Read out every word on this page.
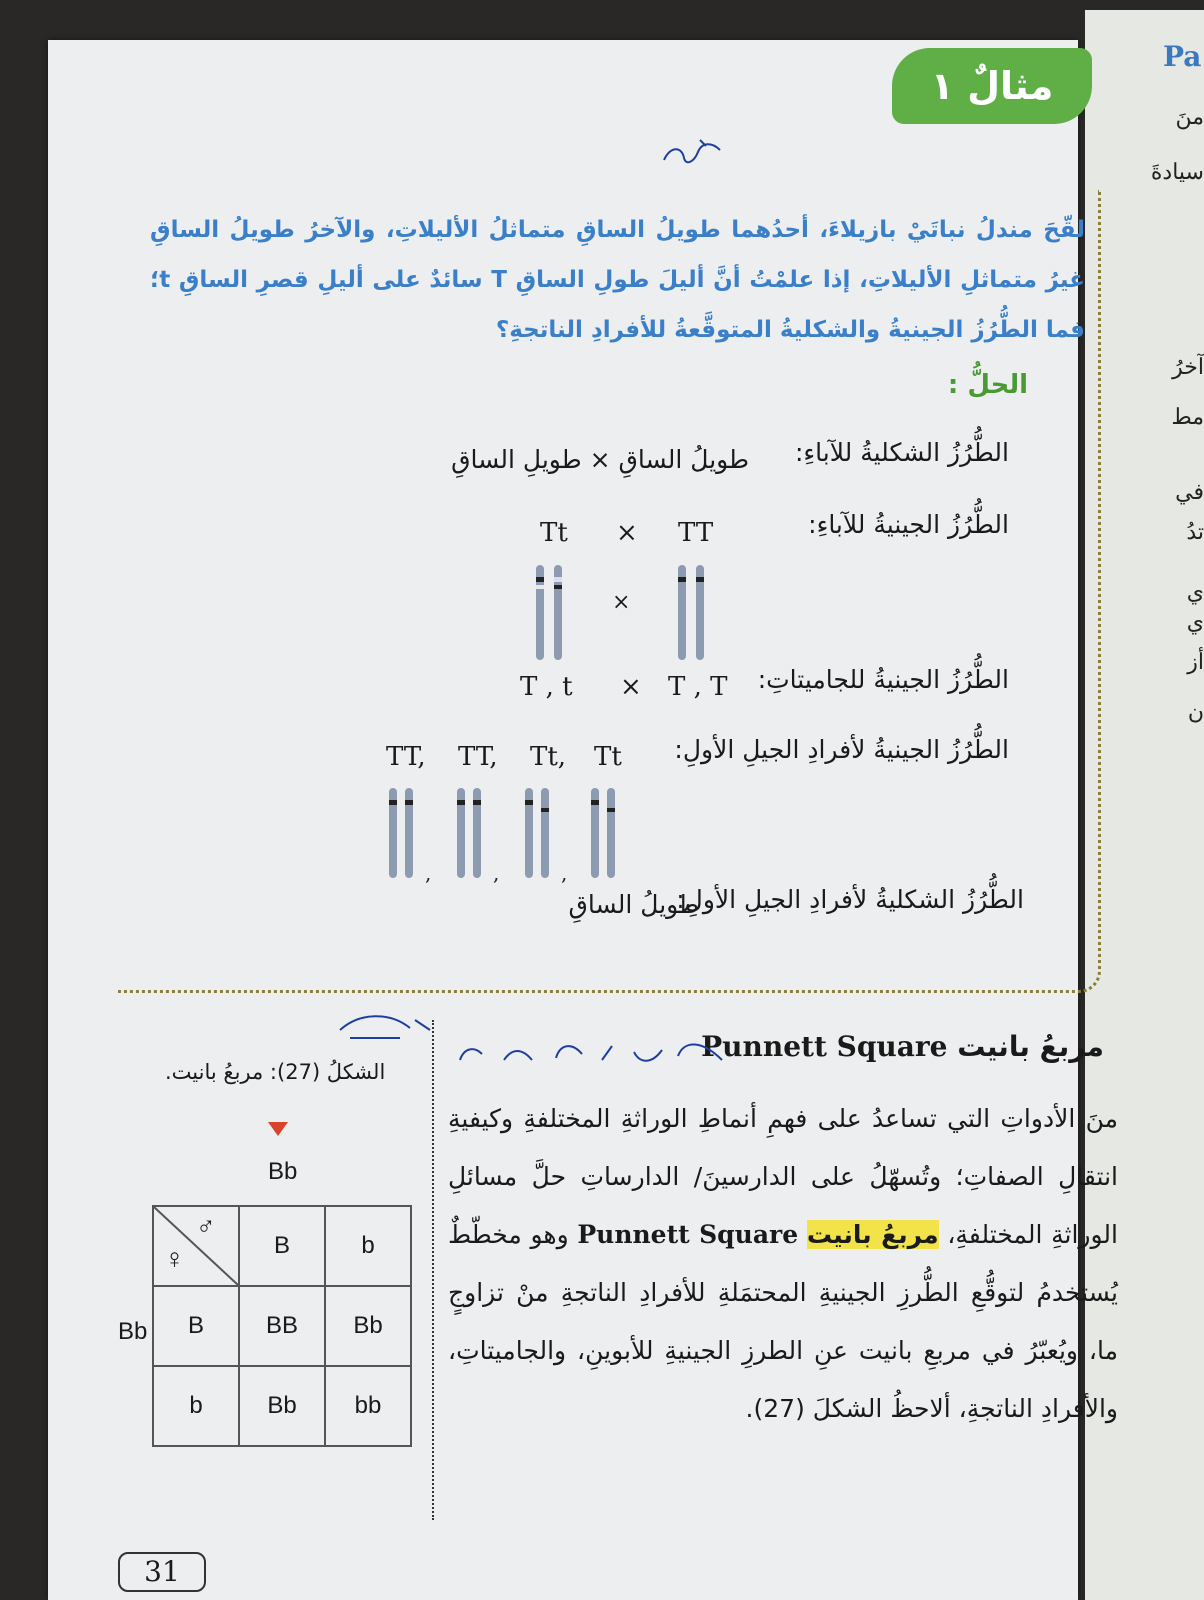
Pa
منَ
سيادةَ
آخرُ
مط
في
تدُ
ي
ي
أز
ن
مثالٌ ١
لقّحَ مندلُ نباتَيْ بازيلاءَ، أحدُهما طويلُ الساقِ متماثلُ الأليلاتِ، والآخرُ طويلُ الساقِ غيرُ متماثلِ الأليلاتِ، إذا علمْتُ أنَّ أليلَ طولِ الساقِ T سائدٌ على أليلِ قصرِ الساقِ t؛ فما الطُّرُزُ الجينيةُ والشكليةُ المتوقَّعةُ للأفرادِ الناتجةِ؟
الحلُّ :
الطُّرُزُ الشكليةُ للآباءِ:
طويلُ الساقِ × طويلِ الساقِ
الطُّرُزُ الجينيةُ للآباءِ:
Tt × TT
×
الطُّرُزُ الجينيةُ للجاميتاتِ:
T , t × T , T
الطُّرُزُ الجينيةُ لأفرادِ الجيلِ الأولِ:
TT, TT, Tt, Tt
,	,	,
الطُّرُزُ الشكليةُ لأفرادِ الجيلِ الأولِ:
طويلُ الساقِ
مربعُ بانيت Punnett Square
منَ الأدواتِ التي تساعدُ على فهمِ أنماطِ الوراثةِ المختلفةِ وكيفيةِ انتقالِ الصفاتِ؛ وتُسهّلُ على الدارسينَ/ الدارساتِ حلَّ مسائلِ الوراثةِ المختلفةِ، مربعُ بانيت Punnett Square وهو مخطّطٌ يُستخدمُ لتوقُّعِ الطُّرزِ الجينيةِ المحتمَلةِ للأفرادِ الناتجةِ منْ تزاوجٍ ما، ويُعبّرُ في مربعِ بانيت عنِ الطرزِ الجينيةِ للأبوينِ، والجاميتاتِ، والأفرادِ الناتجةِ، ألاحظُ الشكلَ (27).
الشكلُ (27): مربعُ بانيت.
Bb
Bb
♂
♀	B	b
B	BB	Bb
b	Bb	bb
31
